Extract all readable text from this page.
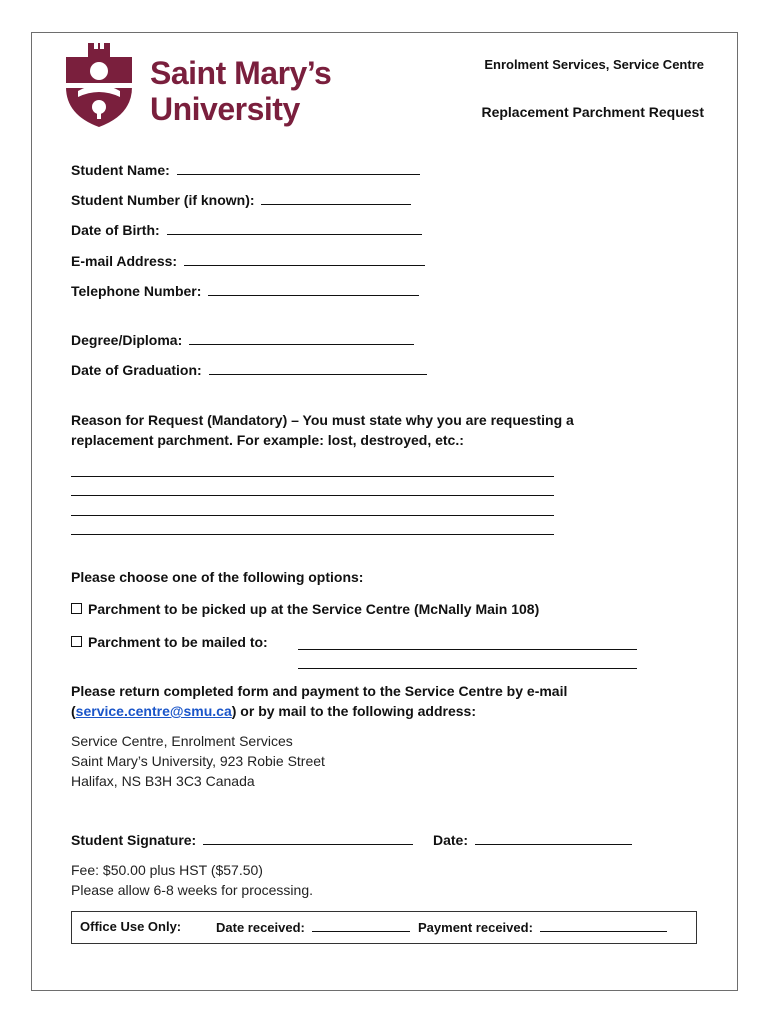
Saint Mary’s
University
Enrolment Services, Service Centre
Replacement Parchment Request
Student Name:
Student Number (if known):
Date of Birth:
E-mail Address:
Telephone Number:
Degree/Diploma:
Date of Graduation:
Reason for Request (Mandatory) – You must state why you are requesting a
replacement parchment. For example: lost, destroyed, etc.:
Please choose one of the following options:
Parchment to be picked up at the Service Centre (McNally Main 108)
Parchment to be mailed to:
Please return completed form and payment to the Service Centre by e-mail
(service.centre@smu.ca) or by mail to the following address:
Service Centre, Enrolment Services
Saint Mary’s University, 923 Robie Street
Halifax, NS B3H 3C3 Canada
Student Signature:	Date:
Fee: $50.00 plus HST ($57.50)
Please allow 6-8 weeks for processing.
Office Use Only:	Date received:	Payment received:
